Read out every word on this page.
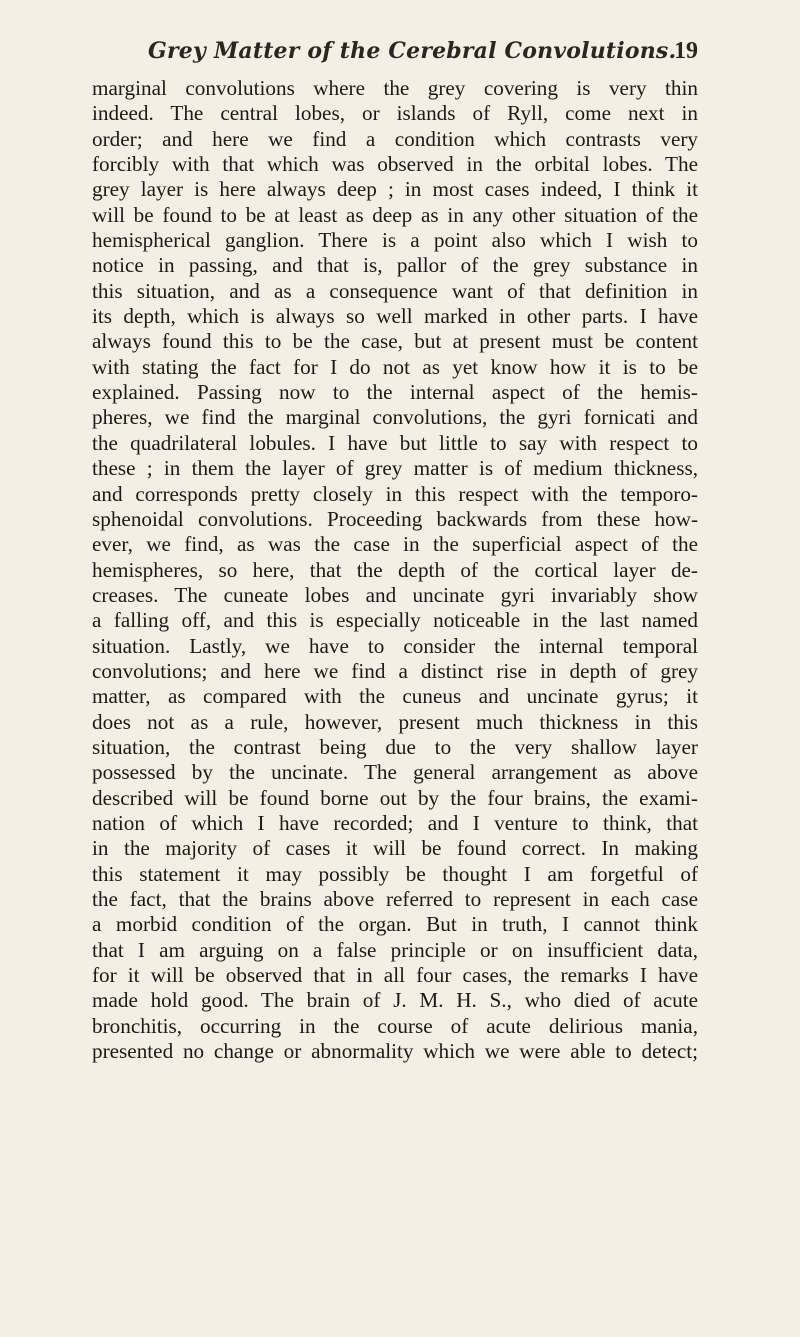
Grey Matter of the Cerebral Convolutions.
19
marginal convolutions where the grey covering is very thin
indeed. The central lobes, or islands of Ryll, come next in
order; and here we find a condition which contrasts very
forcibly with that which was observed in the orbital lobes. The
grey layer is here always deep ; in most cases indeed, I think it
will be found to be at least as deep as in any other situation of the
hemispherical ganglion. There is a point also which I wish to
notice in passing, and that is, pallor of the grey substance in
this situation, and as a consequence want of that definition in
its depth, which is always so well marked in other parts. I have
always found this to be the case, but at present must be content
with stating the fact for I do not as yet know how it is to be
explained. Passing now to the internal aspect of the hemis-
pheres, we find the marginal convolutions, the gyri fornicati and
the quadrilateral lobules. I have but little to say with respect to
these ; in them the layer of grey matter is of medium thickness,
and corresponds pretty closely in this respect with the temporo-
sphenoidal convolutions. Proceeding backwards from these how-
ever, we find, as was the case in the superficial aspect of the
hemispheres, so here, that the depth of the cortical layer de-
creases. The cuneate lobes and uncinate gyri invariably show
a falling off, and this is especially noticeable in the last named
situation. Lastly, we have to consider the internal temporal
convolutions; and here we find a distinct rise in depth of grey
matter, as compared with the cuneus and uncinate gyrus; it
does not as a rule, however, present much thickness in this
situation, the contrast being due to the very shallow layer
possessed by the uncinate. The general arrangement as above
described will be found borne out by the four brains, the exami-
nation of which I have recorded; and I venture to think, that
in the majority of cases it will be found correct. In making
this statement it may possibly be thought I am forgetful of
the fact, that the brains above referred to represent in each case
a morbid condition of the organ. But in truth, I cannot think
that I am arguing on a false principle or on insufficient data,
for it will be observed that in all four cases, the remarks I have
made hold good. The brain of J. M. H. S., who died of acute
bronchitis, occurring in the course of acute delirious mania,
presented no change or abnormality which we were able to detect;
